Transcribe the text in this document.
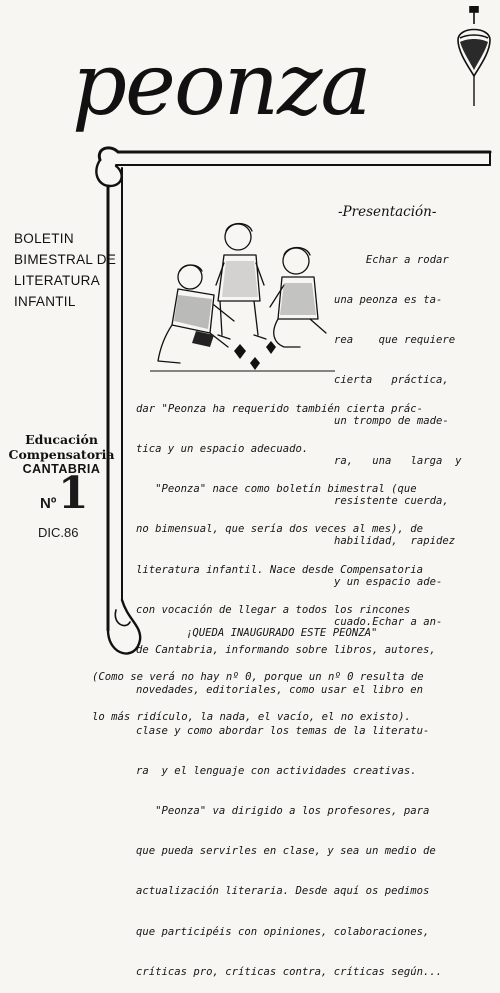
peonza
BOLETIN
BIMESTRAL DE
LITERATURA
INFANTIL
Educación
Compensatoria
CANTABRIA
Nº 1
DIC.86
-Presentación-

Echar a rodar

una peonza es ta-

rea    que requiere

cierta   práctica,

un trompo de made-

ra,   una   larga  y

resistente cuerda,

habilidad,  rapidez

y un espacio ade-

cuado.Echar a an-

dar "Peonza ha requerido también cierta prác-

tica y un espacio adecuado.

"Peonza" nace como boletín bimestral (que

no bimensual, que sería dos veces al mes), de

literatura infantil. Nace desde Compensatoria

con vocación de llegar a todos los rincones

de Cantabria, informando sobre libros, autores,

novedades, editoriales, como usar el libro en

clase y como abordar los temas de la literatu-

ra  y el lenguaje con actividades creativas.

"Peonza" va dirigido a los profesores, para

que pueda servirles en clase, y sea un medio de

actualización literaria. Desde aquí os pedimos

que participéis con opiniones, colaboraciones,

críticas pro, críticas contra, críticas según...

¡QUEDA INAUGURADO ESTE PEONZA"

(Como se verá no hay nº 0, porque un nº 0 resulta de

lo más ridículo, la nada, el vacío, el no existo).
